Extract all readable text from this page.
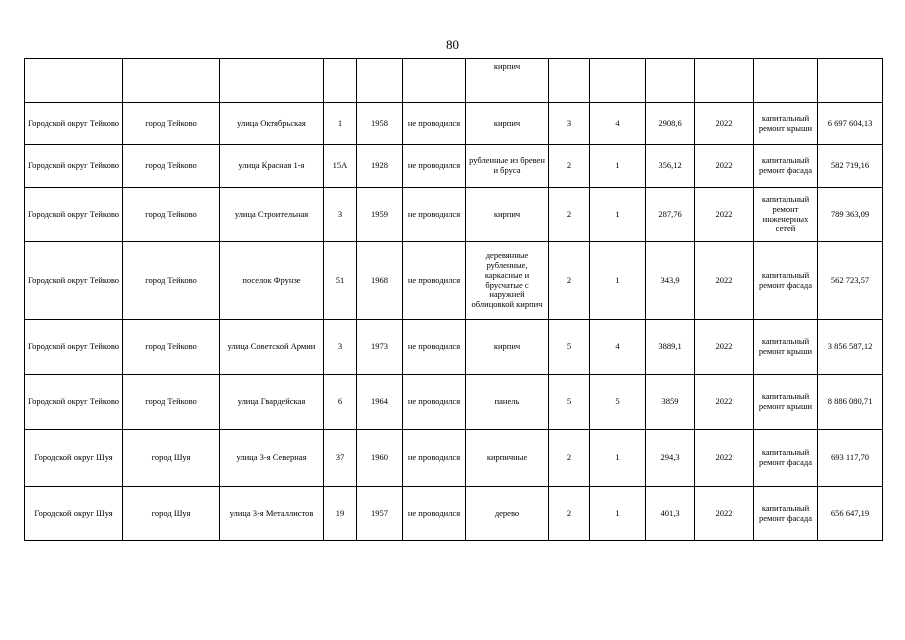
80
						кирпич						
Городской округ Тейково	город Тейково	улица Октябрьская	1	1958	не проводился	кирпич	3	4	2908,6	2022	капитальный ремонт крыши	6 697 604,13
Городской округ Тейково	город Тейково	улица Красная 1-я	15А	1928	не проводился	рубленные из бревен и бруса	2	1	356,12	2022	капитальный ремонт фасада	582 719,16
Городской округ Тейково	город Тейково	улица Строительная	3	1959	не проводился	кирпич	2	1	287,76	2022	капитальный ремонт инженерных сетей	789 363,09
Городской округ Тейково	город Тейково	поселок Фрунзе	51	1968	не проводился	деревянные рубленные, каркасные и брусчатые с наружней облицовкой кирпич	2	1	343,9	2022	капитальный ремонт фасада	562 723,57
Городской округ Тейково	город Тейково	улица Советской Армии	3	1973	не проводился	кирпич	5	4	3889,1	2022	капитальный ремонт крыши	3 856 587,12
Городской округ Тейково	город Тейково	улица Гвардейская	6	1964	не проводился	панель	5	5	3859	2022	капитальный ремонт крыши	8 886 080,71
Городской округ Шуя	город Шуя	улица 3-я Северная	37	1960	не проводился	кирпичные	2	1	294,3	2022	капитальный ремонт фасада	693 117,70
Городской округ Шуя	город Шуя	улица 3-я Металлистов	19	1957	не проводился	дерево	2	1	401,3	2022	капитальный ремонт фасада	656 647,19
